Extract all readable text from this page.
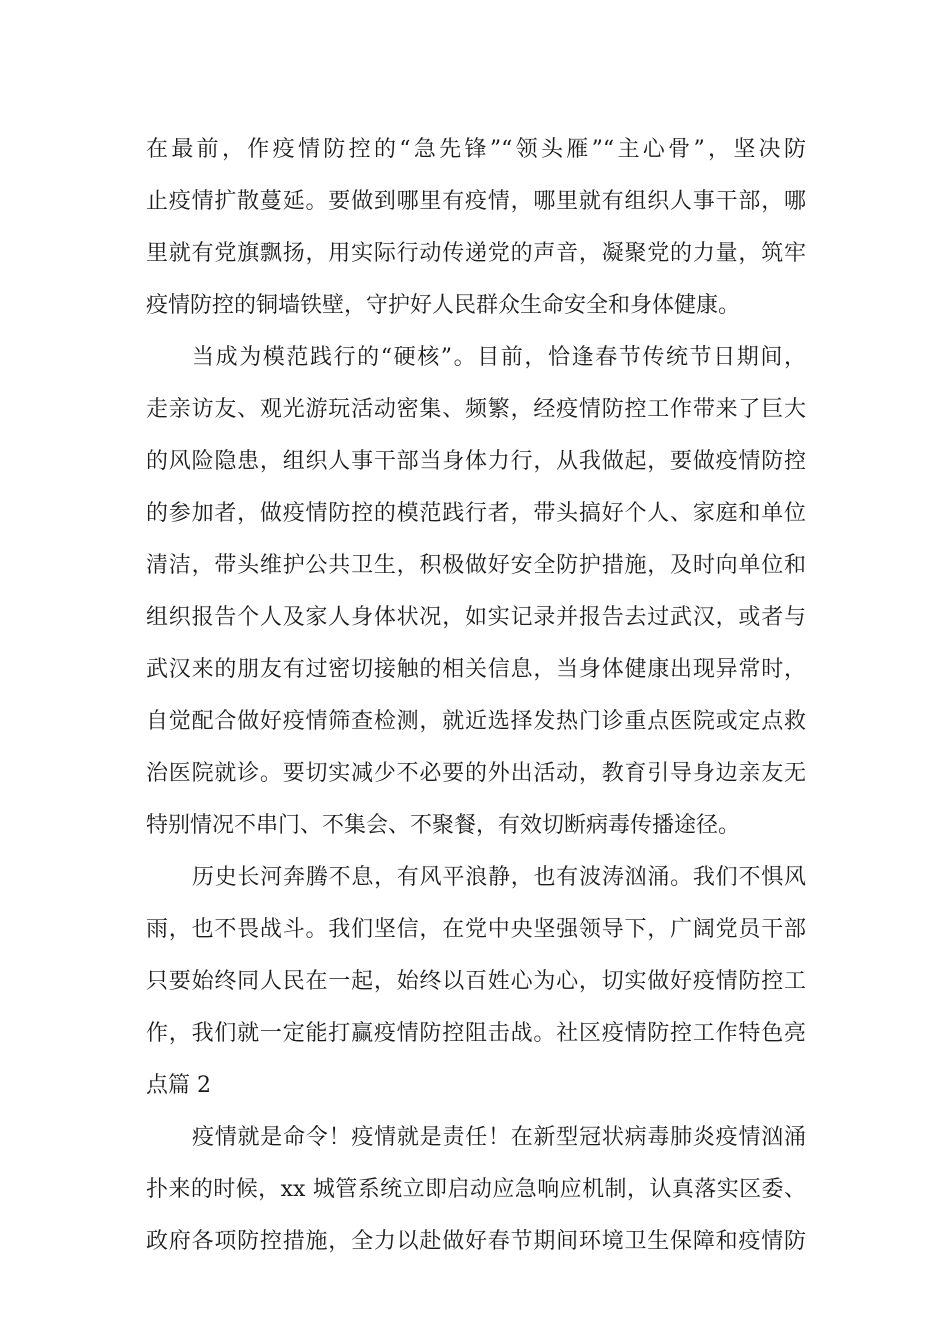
在最前，作疫情防控的“急先锋”“领头雁”“主心骨”，坚决防
止疫情扩散蔓延。要做到哪里有疫情，哪里就有组织人事干部，哪
里就有党旗飘扬，用实际行动传递党的声音，凝聚党的力量，筑牢
疫情防控的铜墙铁壁，守护好人民群众生命安全和身体健康。
当成为模范践行的“硬核”。目前，恰逢春节传统节日期间，
走亲访友、观光游玩活动密集、频繁，经疫情防控工作带来了巨大
的风险隐患，组织人事干部当身体力行，从我做起，要做疫情防控
的参加者，做疫情防控的模范践行者，带头搞好个人、家庭和单位
清洁，带头维护公共卫生，积极做好安全防护措施，及时向单位和
组织报告个人及家人身体状况，如实记录并报告去过武汉，或者与
武汉来的朋友有过密切接触的相关信息，当身体健康出现异常时，
自觉配合做好疫情筛查检测，就近选择发热门诊重点医院或定点救
治医院就诊。要切实减少不必要的外出活动，教育引导身边亲友无
特别情况不串门、不集会、不聚餐，有效切断病毒传播途径。
历史长河奔腾不息，有风平浪静，也有波涛汹涌。我们不惧风
雨，也不畏战斗。我们坚信，在党中央坚强领导下，广阔党员干部
只要始终同人民在一起，始终以百姓心为心，切实做好疫情防控工
作，我们就一定能打赢疫情防控阻击战。社区疫情防控工作特色亮
点篇 2
疫情就是命令！疫情就是责任！在新型冠状病毒肺炎疫情汹涌
扑来的时候，xx 城管系统立即启动应急响应机制，认真落实区委、
政府各项防控措施，全力以赴做好春节期间环境卫生保障和疫情防
